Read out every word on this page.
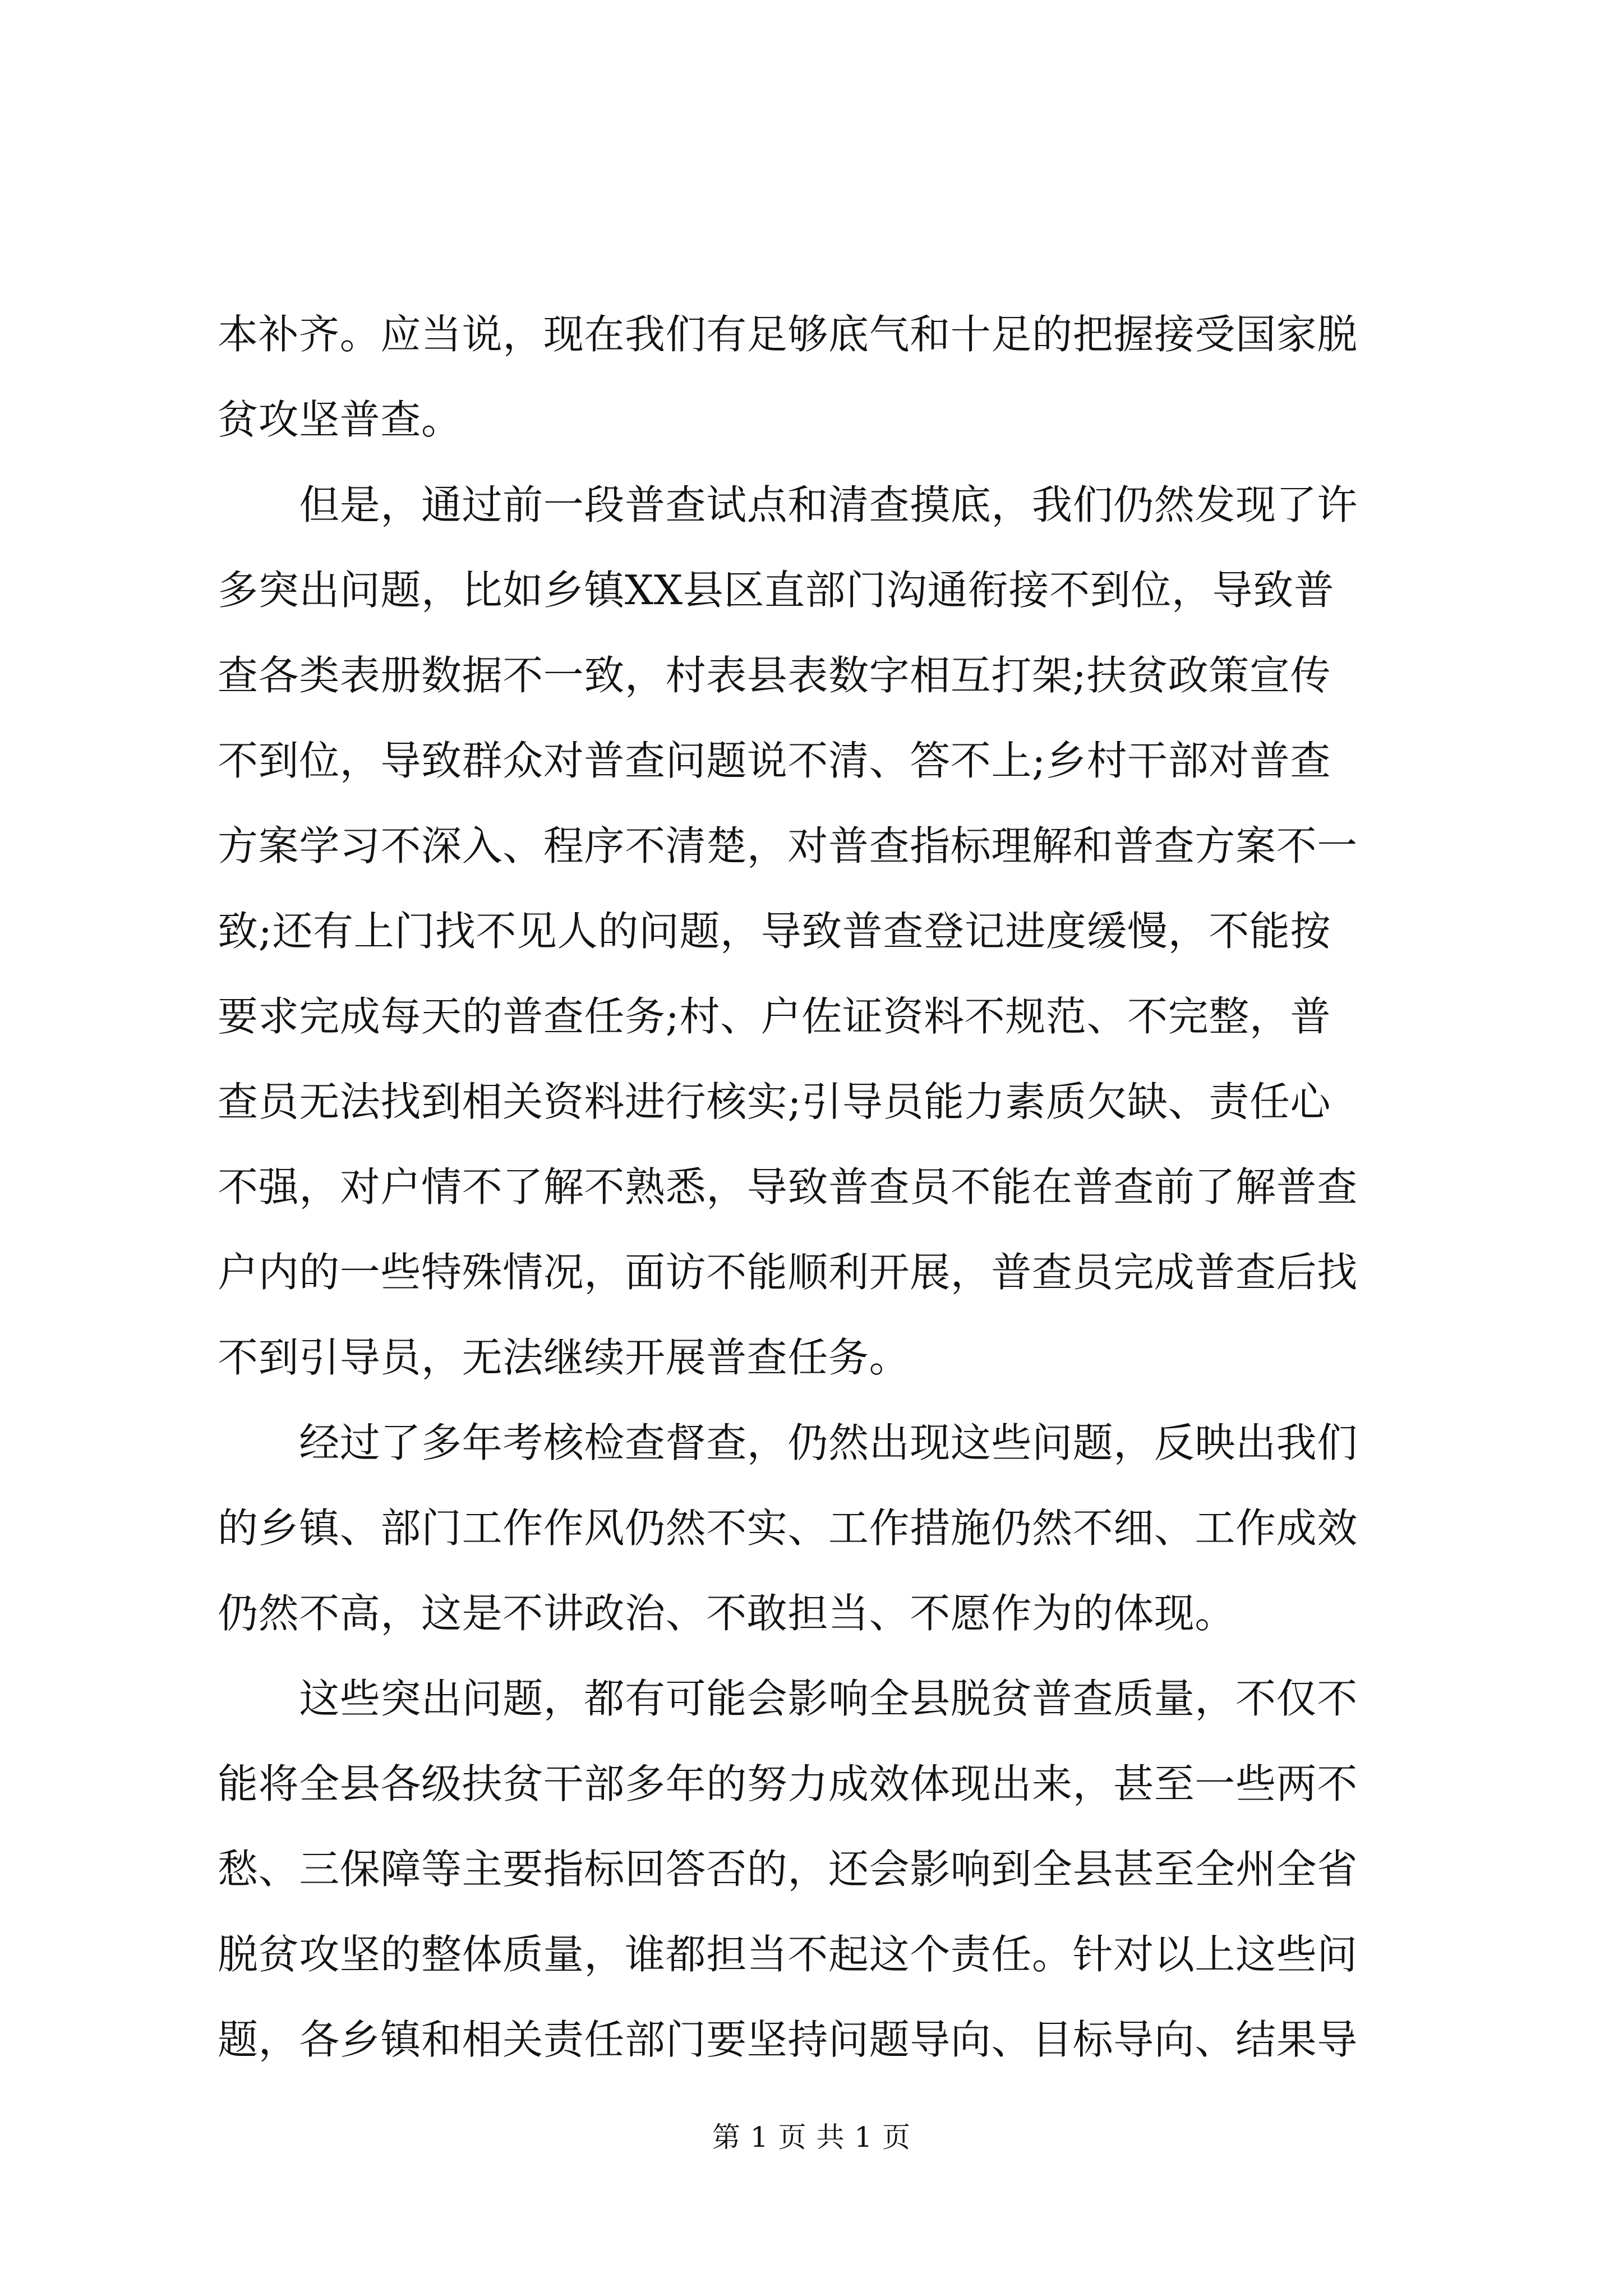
本补齐。应当说，现在我们有足够底气和十足的把握接受国家脱
贫攻坚普查。
　　但是，通过前一段普查试点和清查摸底，我们仍然发现了许
多突出问题，比如乡镇XX县区直部门沟通衔接不到位，导致普
查各类表册数据不一致，村表县表数字相互打架;扶贫政策宣传
不到位，导致群众对普查问题说不清、答不上;乡村干部对普查
方案学习不深入、程序不清楚，对普查指标理解和普查方案不一
致;还有上门找不见人的问题，导致普查登记进度缓慢，不能按
要求完成每天的普查任务;村、户佐证资料不规范、不完整，普
查员无法找到相关资料进行核实;引导员能力素质欠缺、责任心
不强，对户情不了解不熟悉，导致普查员不能在普查前了解普查
户内的一些特殊情况，面访不能顺利开展，普查员完成普查后找
不到引导员，无法继续开展普查任务。
　　经过了多年考核检查督查，仍然出现这些问题，反映出我们
的乡镇、部门工作作风仍然不实、工作措施仍然不细、工作成效
仍然不高，这是不讲政治、不敢担当、不愿作为的体现。
　　这些突出问题，都有可能会影响全县脱贫普查质量，不仅不
能将全县各级扶贫干部多年的努力成效体现出来，甚至一些两不
愁、三保障等主要指标回答否的，还会影响到全县甚至全州全省
脱贫攻坚的整体质量，谁都担当不起这个责任。针对以上这些问
题，各乡镇和相关责任部门要坚持问题导向、目标导向、结果导
第 1 页 共 1 页
